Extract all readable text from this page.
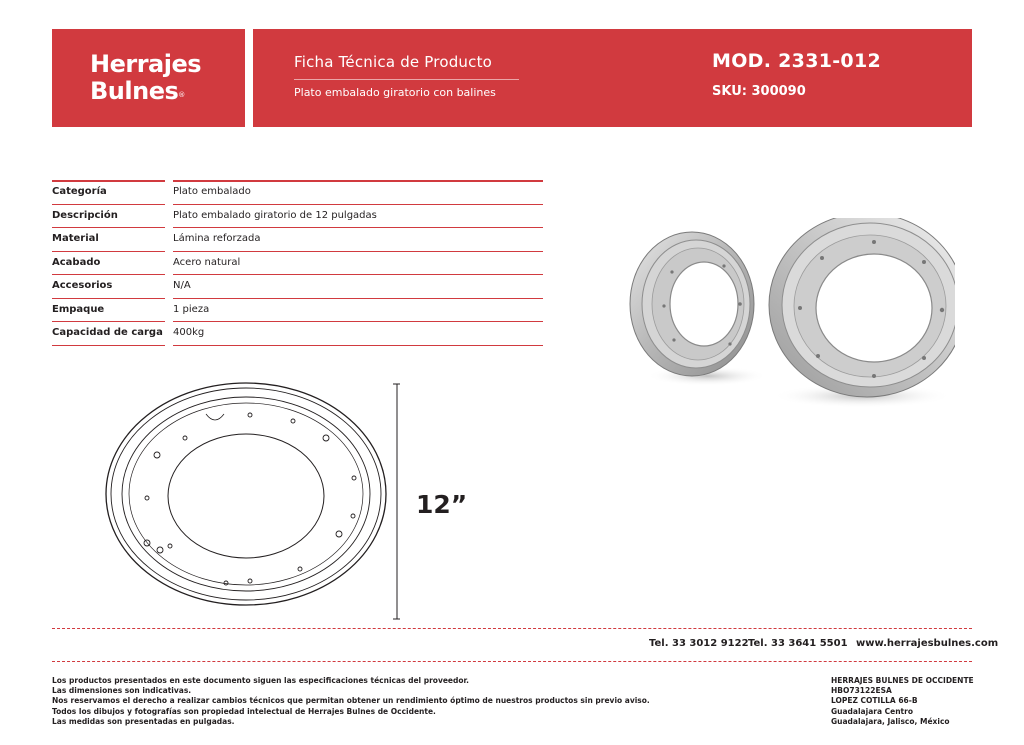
Herrajes
Bulnes®
Ficha Técnica de Producto
Plato embalado giratorio con balines
MOD. 2331-012
SKU: 300090
Categoría	Plato embalado
Descripción	Plato embalado giratorio de 12 pulgadas
Material	Lámina reforzada
Acabado	Acero natural
Accesorios	N/A
Empaque	1 pieza
Capacidad de carga 400kg
12”
Tel. 33 3012 9122 Tel. 33 3641 5501 www.herrajesbulnes.com
Los productos presentados en este documento siguen las especificaciones técnicas del proveedor.
Las dimensiones son indicativas.
Nos reservamos el derecho a realizar cambios técnicos que permitan obtener un rendimiento óptimo de nuestros productos sin previo aviso.
Todos los dibujos y fotografías son propiedad intelectual de Herrajes Bulnes de Occidente.
Las medidas son presentadas en pulgadas.
HERRAJES BULNES DE OCCIDENTE
HBO73122ESA
LOPEZ COTILLA 66-B
Guadalajara Centro
Guadalajara, Jalisco, México
